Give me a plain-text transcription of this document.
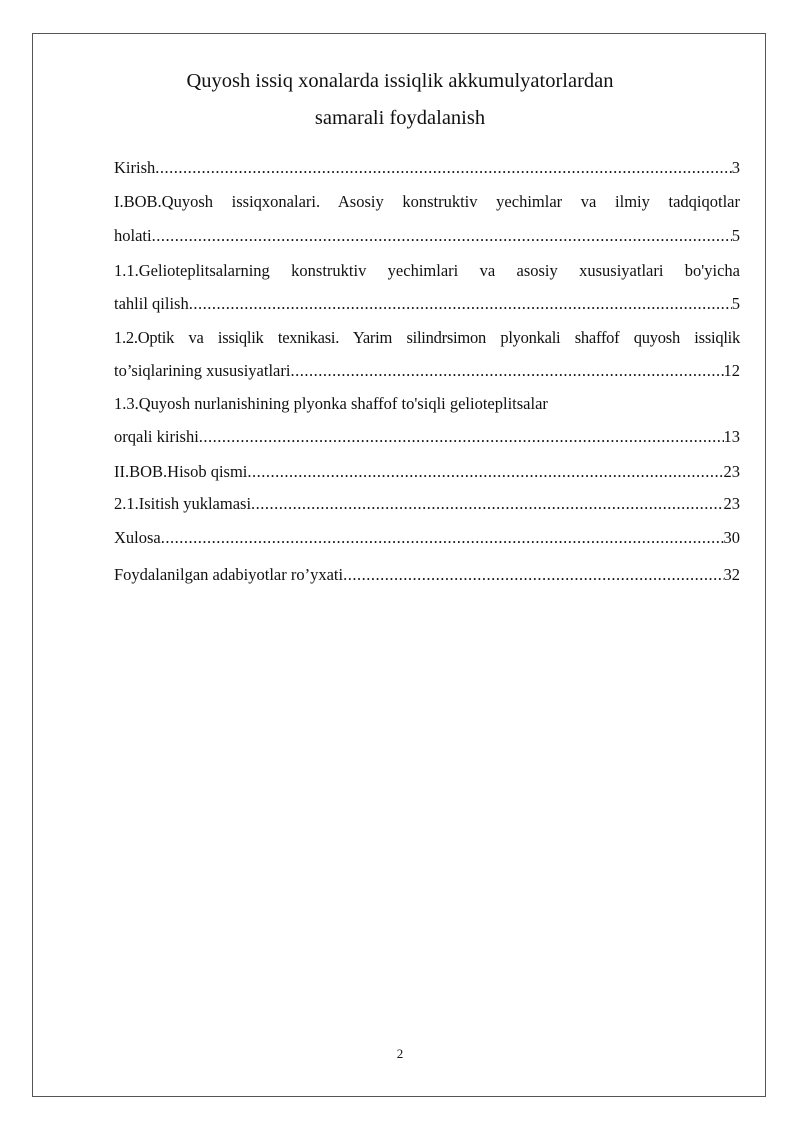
Quyosh issiq xonalarda issiqlik akkumulyatorlardan
samarali foydalanish
Kirish .....	3
I.BOB.Quyosh issiqxonalari. Asosiy konstruktiv yechimlar va ilmiy tadqiqotlar
holati .....	5
1.1.Gelioteplitsalarning konstruktiv yechimlari va asosiy xususiyatlari bo'yicha
tahlil qilish .....	5
1.2.Optik va issiqlik texnikasi. Yarim silindrsimon plyonkali shaffof quyosh issiqlik
to’siqlarining xususiyatlari .....	12
1.3.Quyosh nurlanishining plyonka shaffof to'siqli gelioteplitsalar
orqali kirishi .....	13
II.BOB.Hisob qismi .....	23
2.1.Isitish yuklamasi .....	23
Xulosa .....	30
Foydalanilgan adabiyotlar ro’yxati .....	32
2
